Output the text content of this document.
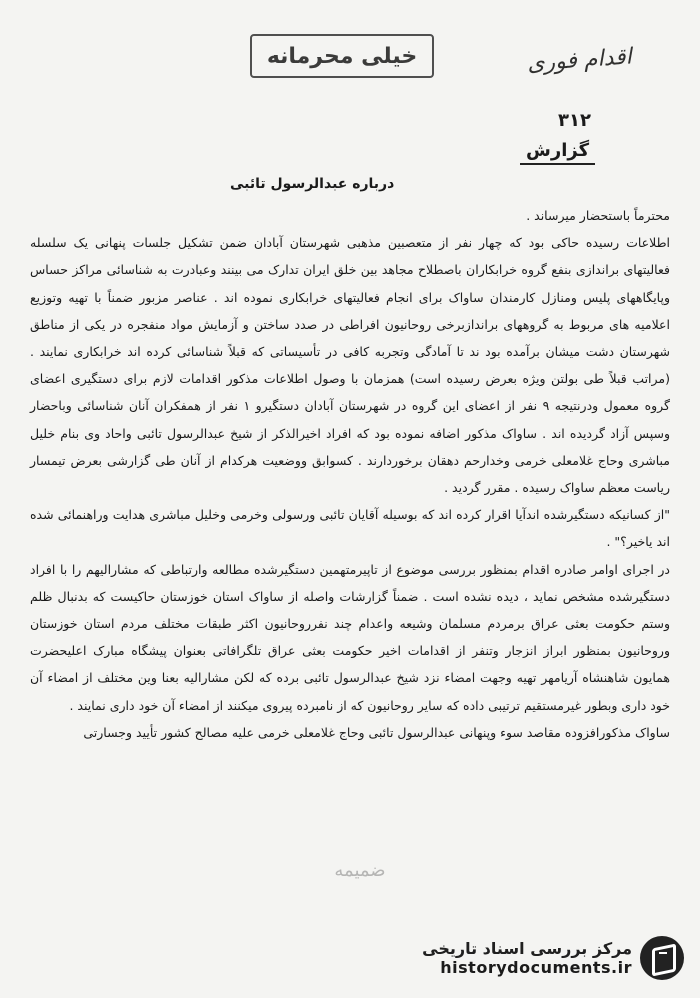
خیلی محرمانه	اقدام فوری
۳۱۲
گزارش
درباره عبدالرسول تائبی

محترماً باستحضار میرساند .

اطلاعات رسیده حاکی بود که چهار نفر از متعصبین مذهبی شهرستان آبادان ضمن تشکیل جلسات پنهانی یک سلسله فعالیتهای براندازی بنفع گروه خرابکاران باصطلاح مجاهد بین خلق ایران تدارک می بینند وعبادرت به شناسائی مراکز حساس وپایگاههای پلیس ومنازل کارمندان ساواک برای انجام فعالیتهای خرابکاری نموده اند . عناصر مزبور ضمناً با تهیه وتوزیع اعلامیه های مربوط به گروههای براندازبرخی روحانیون افراطی در صدد ساختن و آزمایش مواد منفجره در یکی از مناطق شهرستان دشت میشان برآمده بود ند تا آمادگی وتجربه کافی در تأسیساتی که قبلاً شناسائی کرده اند خرابکاری نمایند . (مراتب قبلاً طی بولتن ویژه بعرض رسیده است) همزمان با وصول اطلاعات مذکور اقدامات لازم برای دستگیری اعضای گروه معمول ودرنتیجه ۹ نفر از اعضای این گروه در شهرستان آبادان دستگیرو ۱ نفر از همفکران آنان شناسائی وباحضار وسپس آزاد گردیده اند . ساواک مذکور اضافه نموده بود که افراد اخیرالذکر از شیخ عبدالرسول تائبی واحاد وی بنام خلیل مباشری وحاج غلامعلی خرمی وخدارحم دهقان برخوردارند . کسوابق ووضعیت هرکدام از آنان طی گزارشی بعرض تیمسار ریاست معظم ساواک رسیده . مقرر گردید .

"از کسانیکه دستگیرشده اندآیا اقرار کرده اند که بوسیله آقایان تائبی ورسولی وخرمی وخلیل مباشری هدایت وراهنمائی شده اند یاخیر؟" .

در اجرای اوامر صادره اقدام بمنظور بررسی موضوع از تاپیرمتهمین دستگیرشده مطالعه وارتباطی که مشارالیهم را با افراد دستگیرشده مشخص نماید ، دیده نشده است . ضمناً گزارشات واصله از ساواک استان خوزستان حاکیست که بدنبال ظلم وستم حکومت بعثی عراق برمردم مسلمان وشیعه واعدام چند نفرروحانیون اکثر طبقات مختلف مردم استان خوزستان وروحانیون بمنظور ابراز انزجار وتنفر از اقدامات اخیر حکومت بعثی عراق تلگرافاتی بعنوان پیشگاه مبارک اعلیحضرت همایون شاهنشاه آریامهر تهیه وجهت امضاء نزد شیخ عبدالرسول تائبی برده که لکن مشارالیه بعنا وین مختلف از امضاء آن خود داری وبطور غیرمستقیم ترتیبی داده که سایر روحانیون که از نامبرده پیروی میکنند از امضاء آن خود داری نمایند .

ساواک مذکورافزوده مقاصد سوء وپنهانی عبدالرسول تائبی وحاج غلامعلی خرمی علیه مصالح کشور تأیید وجسارتی

ضمیمه
مرکز بررسی اسناد تاریخی
historydocuments.ir
